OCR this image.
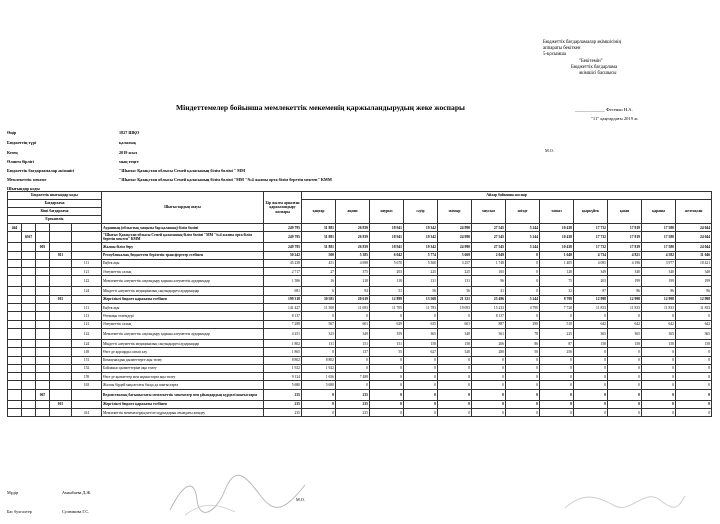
Бюджеттік бағдарламалар әкімшісінің
аппараты бекіткен
5-қосымша
"Бекітемін"
Бюджеттік бағдарлама
әкімшісі басшысы
_____________ Фесенко Н.А.
"11" қаңтардағы 2019 ж.
Міндеттемелер бойынша мемлекеттік мекеменің қаржыландырудың жеке жоспары
Өңір	1827 ШҚО
Бюджеттің түрі	қалалық
Кезең	2019 жыл
Өлшем бірлігі	мың теңге
Бюджеттік бағдарламалар әкімшісі	"Шығыс Қазақстан облысы Семей қаласының білім бөлімі " ММ
Мемлекеттік мекеме	"Шығыс Қазақстан облысы Семей қаласының білім бөлімі "ММ "№4 жалпы орта білім беретін мектеп" КММ
М.О.
Шығындар коды
Бюджеттік шығындар коды					Шығыстардың атауы	Бір жылға арналған қаржыландыру жоспары	Айлар бойынша жоспар											
Бағдарлама							қаңтар	ақпан	наурыз	сәуір	мамыр	маусым	шілде	тамыз	қыркүйек	қазан	қараша	желтоқсан
Кіші бағдарлама																		
Ерекшелік																		
464					Ауданның (облыстық маңызы бар қаланың) білім бөлімі	249 795	31 881	26 839	18 941	19 342	24 990	27 545	5 244	10 438	17 732	17 819	17 580	24 044
	6567				"Шығыс Қазақстан облысы Семей қаласының білім бөлімі "ММ "№4 жалпы орта білім беретін мектеп" КММ	249 795	31 881	26 839	18 941	19 342	24 990	27 545	5 244	10 438	17 732	17 819	17 580	24 044
		003			Жалпы білім беру	249 795	31 881	26 839	18 941	19 342	24 990	27 545	5 244	10 438	17 732	17 819	17 580	24 044
			011		Республикалық бюджеттен берілетін трансферттер есебінен	50 242	500	5 385	6 042	5 774	3 669	2 049	0	1 640	4 734	4 821	4 582	11 046
				111	Еңбек ақы	45 238	451	4 698	5 670	5 360	3 257	1 748	0	1 405	4 085	4 196	3 977	10 421
				121	Әлеуметтік салық	2 717	27	375	203	225	225	165	0	128	349	340	340	340
				122	Мемлекеттік әлеуметтік сақтандыру қорына әлеуметтік аударымдар	1 586	16	218	118	131	131	96	0	75	203	199	199	199
				124	Міндетті әлеуметтік медициналық сақтандыруға аударымдар	681	6	94	51	56	56	41	0	32	87	86	86	86
			015		Жергілікті бюджет қаражаты есебінен	199 318	30 581	20 619	12 899	13 568	21 321	25 496	5 244	8 798	12 998	12 998	12 998	12 998
				111	Еңбек ақы	141 427	11 500	11 693	11 705	11 783	19 693	15 233	4 790	7 720	11 833	11 833	11 833	11 833
				113	Өтемақы төлемдері	8 137	0	0	0	0	0	8 137	0	0	0	0	0	0
				121	Әлеуметтік салық	7 288	567	601	629	635	601	887	290	510	642	642	642	642
				122	Мемлекеттік әлеуметтік сақтандыру қорына әлеуметтік аударымдар	4 251	323	349	359	365	348	561	78	225	365	365	365	365
				124	Міндетті әлеуметтік медициналық сақтандыруға аударымдар	1 802	131	151	151	158	158	206	86	87	158	158	158	158
				149	Өзге де қорларды сатып алу	1 865	0	137	55	627	520	280	50	256	0	0	0	0
				151	Коммуналдық қызметтерге ақы төлеу	8 802	8 802	0	0	0	0	0	0	0	0	0	0	0
				152	Байланыс қызметтеріне ақы төлеу	1 922	1 922	0	0	0	0	0	0	0	0	0	0	0
				159	Өзге де қызметтер мен жұмыстарға ақы төлеу	9 124	1 656	7 488	0	0	0	0	0	0	0	0	0	0
				163	Жалпы бірдей мақсаттағы басқа да шығыстарға	5 680	5 680	0	0	0	0	0	0	0	0	0	0	0
		067			Ведомстволық бағыныстағы мемлекеттік мекемелер мен ұйымдардың күрделі шығыстары	235	0	235	0	0	0	0	0	0	0	0	0	0
			015		Жергілікті бюджет қаражаты есебінен	235	0	235	0	0	0	0	0	0	0	0	0	0
				414	Мемлекеттік мекемелердің негізгі құралдарын ағымдағы жөндеу	235	0	235	0	0	0	0	0	0	0	0	0	0
Мұдір	Аманбаева Д.Ж.
Бас бухгалтер	Сулеимова Г.С.
М.О.
